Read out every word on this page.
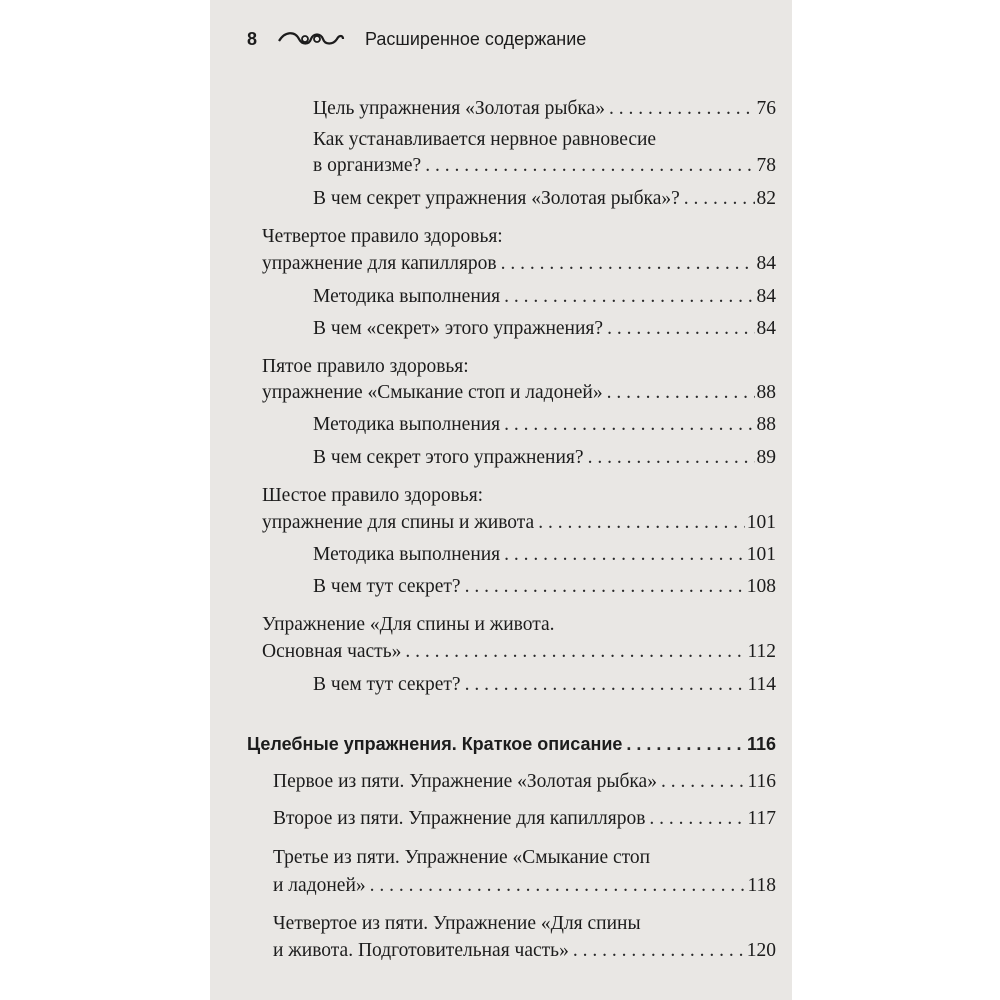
8	Расширенное содержание
Цель упражнения «Золотая рыбка» . . .	76
Как устанавливается нервное равновесие
в организме? . . .	78
В чем секрет упражнения «Золотая рыбка»? . . .	82
Четвертое правило здоровья:
упражнение для капилляров . . .	84
Методика выполнения . . .	84
В чем «секрет» этого упражнения? . . .	84
Пятое правило здоровья:
упражнение «Смыкание стоп и ладоней» . . .	88
Методика выполнения . . .	88
В чем секрет этого упражнения? . . .	89
Шестое правило здоровья:
упражнение для спины и живота . . .	101
Методика выполнения . . .	101
В чем тут секрет? . . .	108
Упражнение «Для спины и живота.
Основная часть» . . .	112
В чем тут секрет? . . .	114
Целебные упражнения. Краткое описание . . .	116
Первое из пяти. Упражнение «Золотая рыбка» . . .	116
Второе из пяти. Упражнение для капилляров . . .	117
Третье из пяти. Упражнение «Смыкание стоп
и ладоней» . . .	118
Четвертое из пяти. Упражнение «Для спины
и живота. Подготовительная часть» . . .	120
